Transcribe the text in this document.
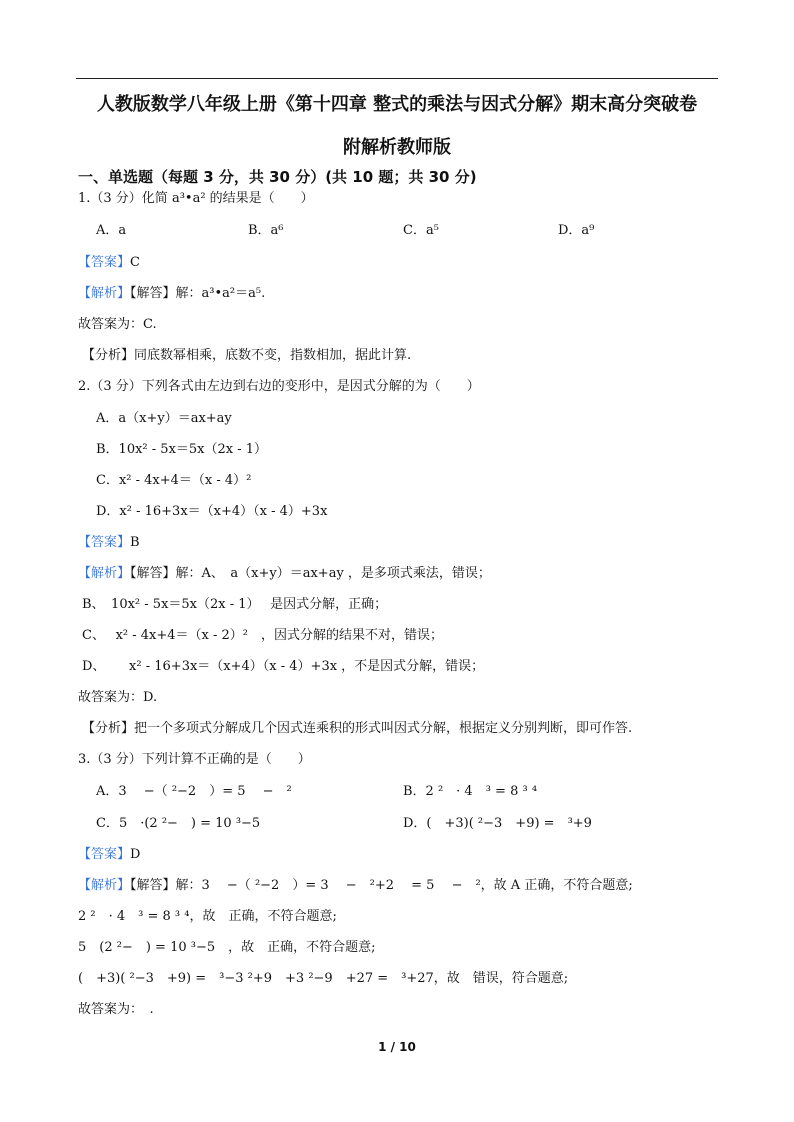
人教版数学八年级上册《第十四章 整式的乘法与因式分解》期末高分突破卷
附解析教师版
一、单选题（每题 3 分，共 30 分）(共 10 题；共 30 分)
1.（3 分）化简 a³•a² 的结果是（　　）
A．a	B．a⁶	C．a⁵	D．a⁹
【答案】C
【解析】【解答】解：a³•a²＝a⁵.
故答案为：C.
【分析】同底数幂相乘，底数不变，指数相加，据此计算.
2.（3 分）下列各式由左边到右边的变形中，是因式分解的为（　　）
A．a（x+y）＝ax+ay
B．10x² - 5x＝5x（2x - 1）
C．x² - 4x+4＝（x - 4）²
D．x² - 16+3x＝（x+4）（x - 4）+3x
【答案】B
【解析】【解答】解：A、　a（x+y）＝ax+ay ，是多项式乘法，错误；
B、　10x² - 5x＝5x（2x - 1）　 是因式分解，正确；
C、　 x² - 4x+4＝（x - 2）²　，因式分解的结果不对，错误；
D、　 　x² - 16+3x＝（x+4）（x - 4）+3x ，不是因式分解，错误；
故答案为：D.
【分析】把一个多项式分解成几个因式连乘积的形式叫因式分解，根据定义分别判断，即可作答.
3.（3 分）下列计算不正确的是（　　）
A．3　 −（ ²−2　）= 5　 −　²	B．2 ²　· 4　³ = 8 ³ ⁴
C．5　·(2 ²−　) = 10 ³−5	D．(　+3)( ²−3　+9) =　³+9
【答案】D
【解析】【解答】解：3　 −（ ²−2　）= 3　 −　²+2　 = 5　 −　²，故 A 正确，不符合题意;
2 ²　· 4　³ = 8 ³ ⁴，故　正确，不符合题意;
5　(2 ²−　) = 10 ³−5　，故　正确，不符合题意;
(　+3)( ²−3　+9) =　³−3 ²+9　+3 ²−9　+27 =　³+27，故　错误，符合题意;
故答案为：　.
1 / 10
